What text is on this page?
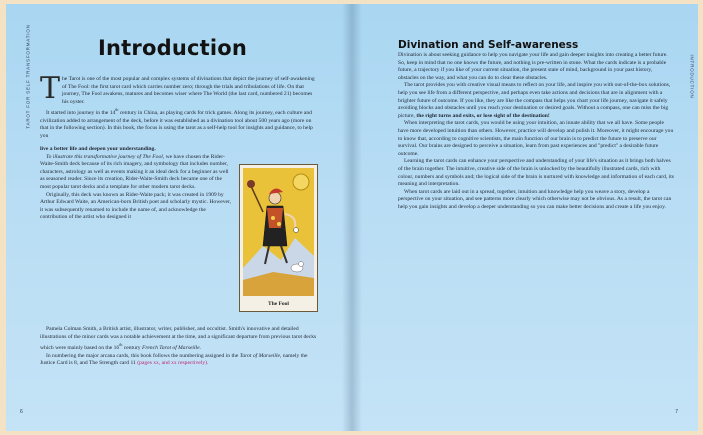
TAROT FOR SELF TRANSFORMATION	Introduction
T he Tarot is one of the most popular and complex systems of divinations that depict the journey of self-awakening of The Fool: the first tarot card which carries number zero; through the trials and tribulations of life. On that journey, The Fool awakens, matures and becomes wiser where The World (the last card, numbered 21) becomes his oyster.

It started into journey in the 14th century in China, as playing cards for trick games. Along its journey, each culture and civilization added to arrangement of the deck, before it was established as a divination tool about 500 years ago (more on that in the following section). In this book, the focus is using the tarot as a self-help tool for insights and guidance, to help you

live a better life and deepen your understanding.

To illustrate this transformative journey of The Fool, we have chosen the Rider-Waite-Smith deck because of its rich imagery, and symbology that includes number, characters, astrology as well as events making it an ideal deck for a beginner as well as seasoned reader. Since its creation, Rider-Waite-Smith deck became one of the most popular tarot decks and a template for other modern tarot decks.

Originally, this deck was known as Rider-Waite pack; it was created in 1909 by Arthur Edward Waite, an American-born British poet and scholarly mystic. However, it was subsequently renamed to include the name of, and acknowledge the contribution of the artist who designed it

The Fool

Pamela Colman Smith, a British artist, illustrator, writer, publisher, and occultist. Smith's innovative and detailed illustrations of the minor cards was a notable achievement at the time, and a significant departure from previous tarot decks which were mainly based on the 16th century French Tarot of Marseille.

In numbering the major arcana cards, this book follows the numbering assigned in the Tarot of Marseille, namely the Justice Card is 8, and The Strength card 11 (pages xx, and xx respectively).

6
INTRODUCTION
Divination and Self-awareness

Divination is about seeking guidance to help you navigate your life and gain deeper insights into creating a better future. So, keep in mind that no one knows the future, and nothing is pre-written in stone. What the cards indicate is a probable future, a trajectory if you like of your current situation, the present state of mind, background in your past history, obstacles on the way, and what you can do to clear these obstacles.

The tarot provides you with creative visual means to reflect on your life, and inspire you with out-of-the-box solutions, help you see life from a different perspective, and perhaps even take actions and decisions that are in alignment with a brighter future of outcome. If you like, they are like the compass that helps you chart your life journey, navigate it safely avoiding blocks and obstacles until you reach your destination or desired goals. Without a compass, one can miss the big picture, the right turns and exits, or lose sight of the destination!

When interpreting the tarot cards, you would be using your intuition, an innate ability that we all have. Some people have more developed intuition than others. However, practice will develop and polish it. Moreover, it might encourage you to know that, according to cognitive scientists, the main function of our brain is to predict the future to preserve our survival. Our brains are designed to perceive a situation, learn from past experiences and "predict" a desirable future outcome.

Learning the tarot cards can enhance your perspective and understanding of your life's situation as it brings both halves of the brain together. The intuitive, creative side of the brain is unlocked by the beautifully illustrated cards, rich with colour, numbers and symbols and; the logical side of the brain is nurtured with knowledge and information of each card, its meaning and interpretation.

When tarot cards are laid out in a spread, together, intuition and knowledge help you weave a story, develop a perspective on your situation, and see patterns more clearly which otherwise may not be obvious. As a result, the tarot can help you gain insights and develop a deeper understanding so you can make better decisions and create a life you enjoy.

7
